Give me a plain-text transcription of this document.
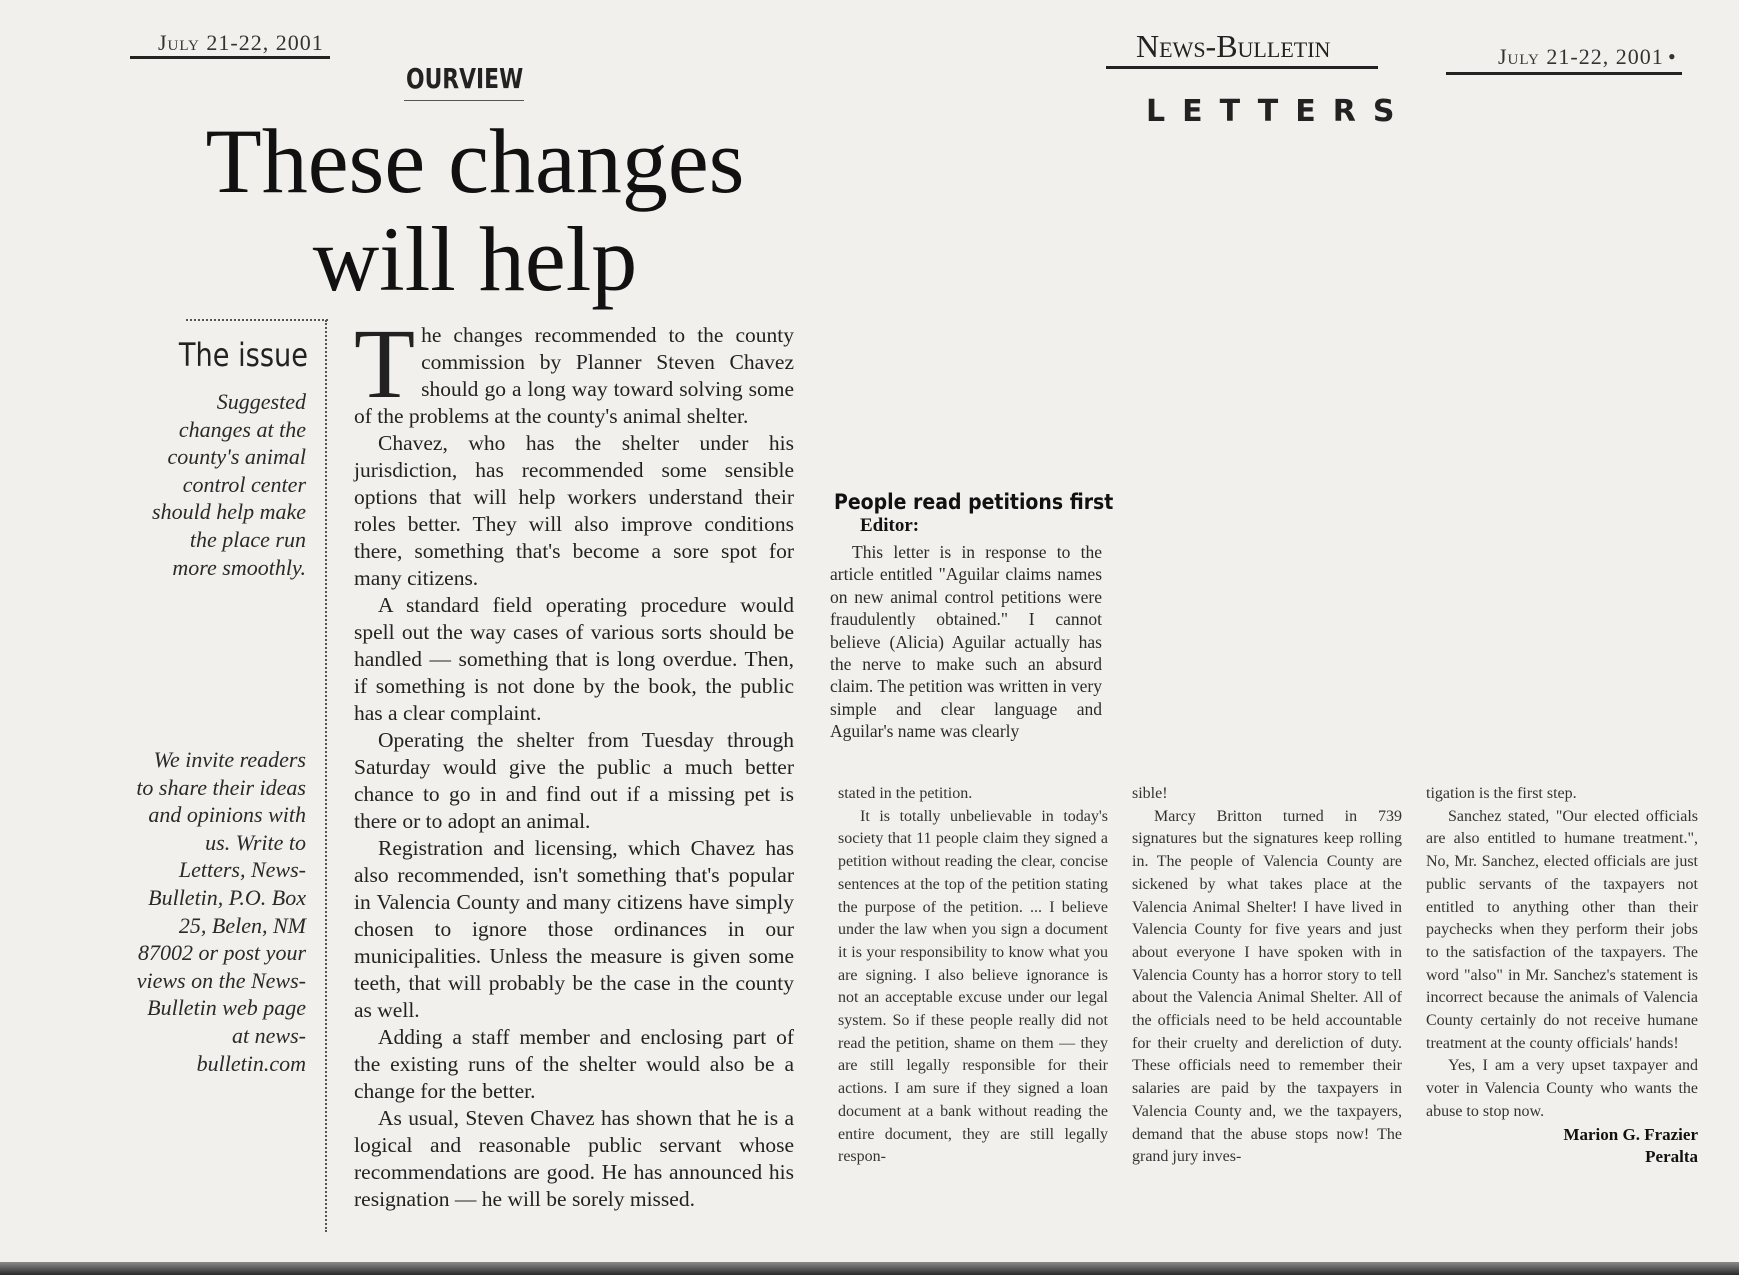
July 21-22, 2001
OURVIEW
These changes
will help
The issue
Suggested changes at the county's animal control center should help make the place run more smoothly.
We invite readers to share their ideas and opinions with us. Write to Letters, News-Bulletin, P.O. Box 25, Belen, NM 87002 or post your views on the News-Bulletin web page at news-bulletin.com

The changes recommended to the county commission by Planner Steven Chavez should go a long way toward solving some of the problems at the county's animal shelter.

Chavez, who has the shelter under his jurisdiction, has recommended some sensible options that will help workers understand their roles better. They will also improve conditions there, something that's become a sore spot for many citizens.

A standard field operating procedure would spell out the way cases of various sorts should be handled — something that is long overdue. Then, if something is not done by the book, the public has a clear complaint.

Operating the shelter from Tuesday through Saturday would give the public a much better chance to go in and find out if a missing pet is there or to adopt an animal.

Registration and licensing, which Chavez has also recommended, isn't something that's popular in Valencia County and many citizens have simply chosen to ignore those ordinances in our municipalities. Unless the measure is given some teeth, that will probably be the case in the county as well.

Adding a staff member and enclosing part of the existing runs of the shelter would also be a change for the better.

As usual, Steven Chavez has shown that he is a logical and reasonable public servant whose recommendations are good. He has announced his resignation — he will be sorely missed.

News-Bulletin
LETTERS
July 21-22, 2001 •
People read petitions first
Editor:

This letter is in response to the article entitled "Aguilar claims names on new animal control petitions were fraudulently obtained." I cannot believe (Alicia) Aguilar actually has the nerve to make such an absurd claim. The petition was written in very simple and clear language and Aguilar's name was clearly

stated in the petition.

It is totally unbelievable in today's society that 11 people claim they signed a petition without reading the clear, concise sentences at the top of the petition stating the purpose of the petition. ... I believe under the law when you sign a document it is your responsibility to know what you are signing. I also believe ignorance is not an acceptable excuse under our legal system. So if these people really did not read the petition, shame on them — they are still legally responsible for their actions. I am sure if they signed a loan document at a bank without reading the entire document, they are still legally respon-

sible!

Marcy Britton turned in 739 signatures but the signatures keep rolling in. The people of Valencia County are sickened by what takes place at the Valencia Animal Shelter! I have lived in Valencia County for five years and just about everyone I have spoken with in Valencia County has a horror story to tell about the Valencia Animal Shelter. All of the officials need to be held accountable for their cruelty and dereliction of duty. These officials need to remember their salaries are paid by the taxpayers in Valencia County and, we the taxpayers, demand that the abuse stops now! The grand jury inves-

tigation is the first step.

Sanchez stated, "Our elected officials are also entitled to humane treatment.", No, Mr. Sanchez, elected officials are just public servants of the taxpayers not entitled to anything other than their paychecks when they perform their jobs to the satisfaction of the taxpayers. The word "also" in Mr. Sanchez's statement is incorrect because the animals of Valencia County certainly do not receive humane treatment at the county officials' hands!

Yes, I am a very upset taxpayer and voter in Valencia County who wants the abuse to stop now.

Marion G. Frazier
Peralta
